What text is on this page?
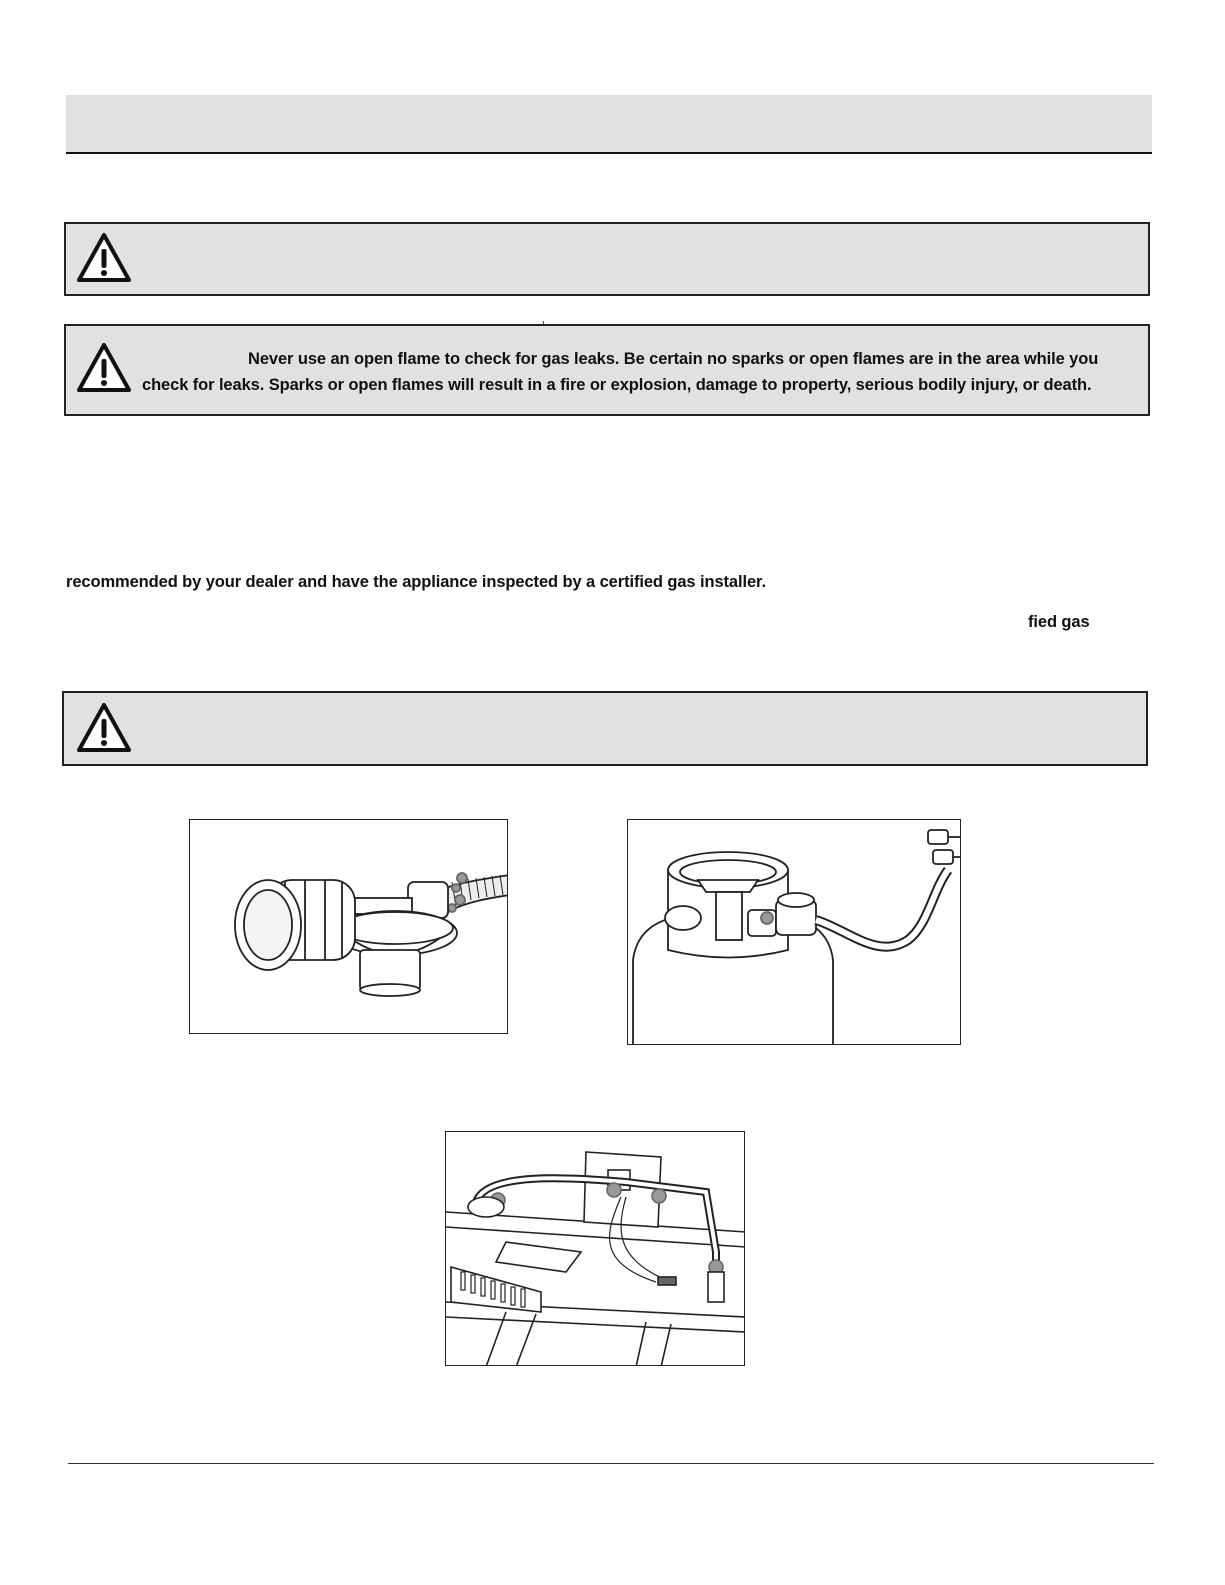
Never use an open flame to check for gas leaks. Be certain no sparks or open flames are in the area while you
check for leaks. Sparks or open flames will result in a fire or explosion, damage to property, serious bodily injury, or death.
recommended by your dealer and have the appliance inspected by a certified gas installer.
fied gas
